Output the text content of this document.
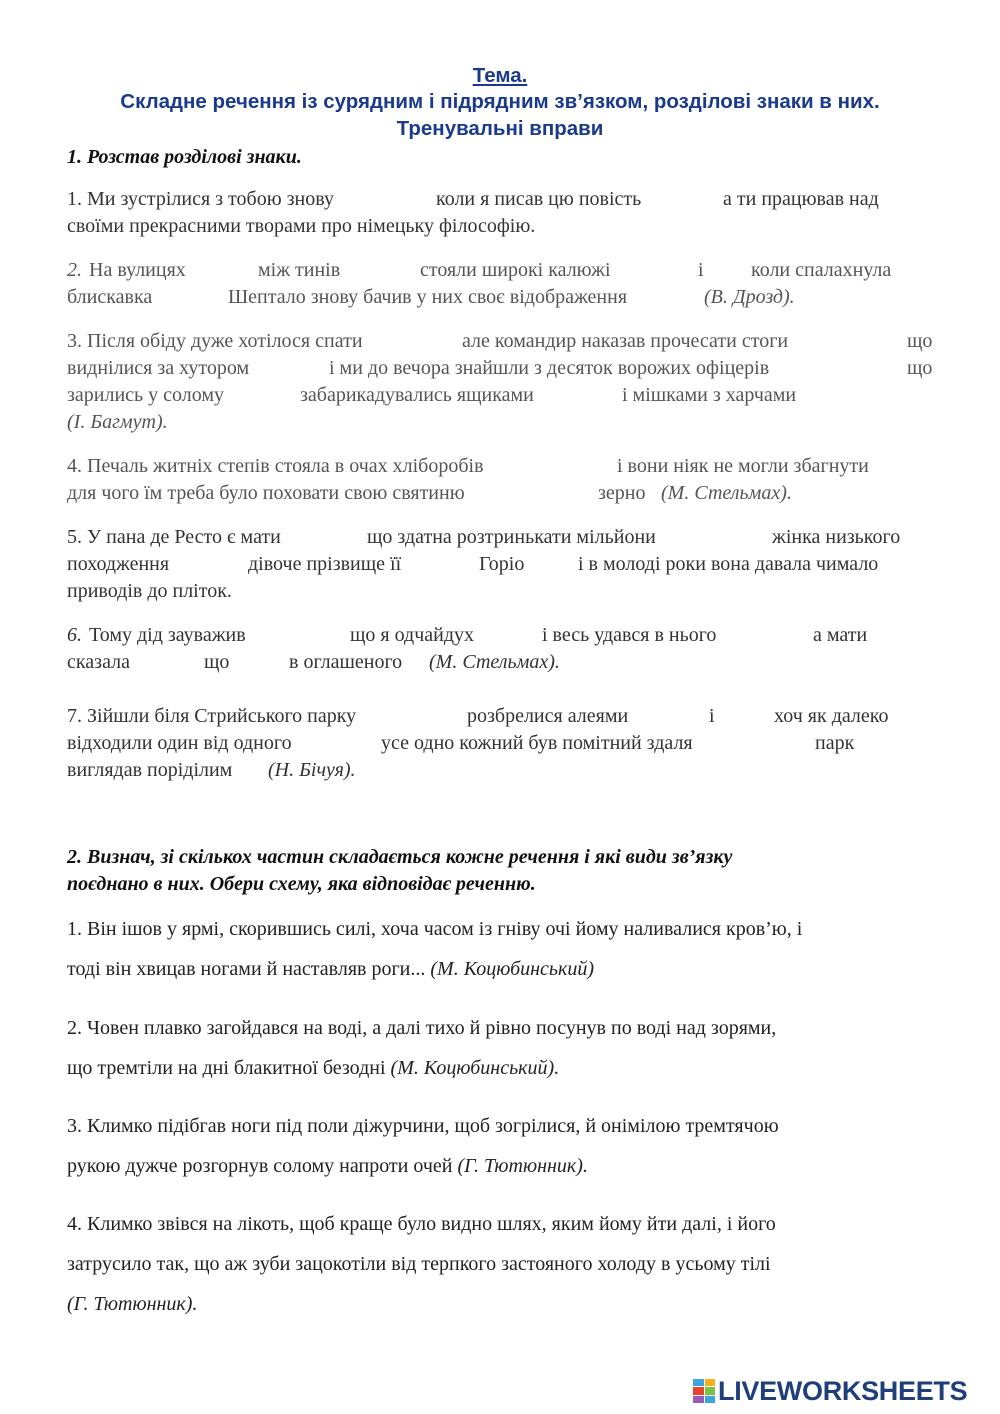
Тема.
Складне речення із сурядним і підрядним зв’язком, розділові знаки в них.
Тренувальні вправи
1. Розстав розділові знаки.
1. Ми зустрілися з тобою знову	коли я писав цю повість	а ти працював над
своїми прекрасними творами про німецьку філософію.
2. На вулицях	між тинів	стояли широкі калюжі	і коли спалахнула
блискавка	Шептало знову бачив у них своє відображення	(В. Дрозд).
3. Після обіду дуже хотілося спати	але командир наказав прочесати стоги	що
виднілися за хутором	і ми до вечора знайшли з десяток ворожих офіцерів	що
зарились у солому	забарикадувались ящиками	і мішками з харчами
(І. Багмут).
4. Печаль житніх степів стояла в очах хліборобів	і вони ніяк не могли збагнути
для чого їм треба було поховати свою святиню	зерно (М. Стельмах).
5. У пана де Ресто є мати	що здатна розтринькати мільйони	жінка низького
походження	дівоче прізвище її	Горіо	і в молоді роки вона давала чимало
приводів до пліток.
6. Тому дід зауважив	що я одчайдух	і весь удався в нього	а мати
сказала	що	в оглашеного (М. Стельмах).
7. Зійшли біля Стрийського парку	розбрелися алеями	і	хоч як далеко
відходили один від одного	усе одно кожний був помітний здаля	парк
виглядав поріділим (Н. Бічуя).
2. Визнач, зі скількох частин складається кожне речення і які види зв’язку
поєднано в них. Обери схему, яка відповідає реченню.
1. Він ішов у ярмі, скорившись силі, хоча часом із гніву очі йому наливалися кров’ю, і
тоді він хвицав ногами й наставляв роги... (М. Коцюбинський)
2. Човен плавко загойдався на воді, а далі тихо й рівно посунув по воді над зорями,
що тремтіли на дні блакитної безодні (М. Коцюбинський).
3. Климко підібгав ноги під поли діжурчини, щоб зогрілися, й онімілою тремтячою
рукою дужче розгорнув солому напроти очей (Г. Тютюнник).
4. Климко звівся на лікоть, щоб краще було видно шлях, яким йому йти далі, і його
затрусило так, що аж зуби зацокотіли від терпкого застояного холоду в усьому тілі
(Г. Тютюнник).
LIVEWORKSHEETS
